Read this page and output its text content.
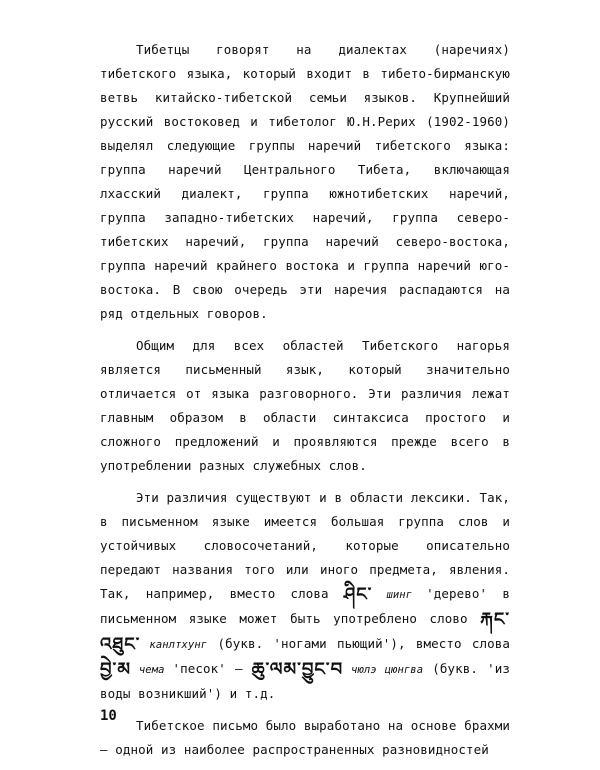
Тибетцы говорят на диалектах (наречиях) тибетского языка, который входит в тибето-бирманскую ветвь китайско-тибетской семьи языков. Крупнейший русский востоковед и тибетолог Ю.Н.Рерих (1902-1960) выделял следующие группы наречий тибетского языка: группа наречий Центрального Тибета, включающая лхасский диалект, группа южнотибетских наречий, группа западно-тибетских наречий, группа северо-тибетских наречий, группа наречий северо-востока, группа наречий крайнего востока и группа наречий юго-востока. В свою очередь эти наречия распадаются на ряд отдельных говоров.

Общим для всех областей Тибетского нагорья является письменный язык, который значительно отличается от языка разговорного. Эти различия лежат главным образом в области синтаксиса простого и сложного предложений и проявляются прежде всего в употреблении разных служебных слов.

Эти различия существуют и в области лексики. Так, в письменном языке имеется большая группа слов и устойчивых словосочетаний, которые описательно передают названия того или иного предмета, явления. Так, например, вместо слова ཤིང་ шинг 'дерево' в письменном языке может быть употреблено слово རྐང་འཐུང་ канлтхунг (букв. 'ногами пьющий'), вместо слова བྱེ་མ чема 'песок' – ཆུ་ལམ་བྱུང་བ чюлэ цюнгва (букв. 'из воды возникший') и т.д.

Тибетское письмо было выработано на основе брахми – одной из наиболее распространенных разновидностей

10
